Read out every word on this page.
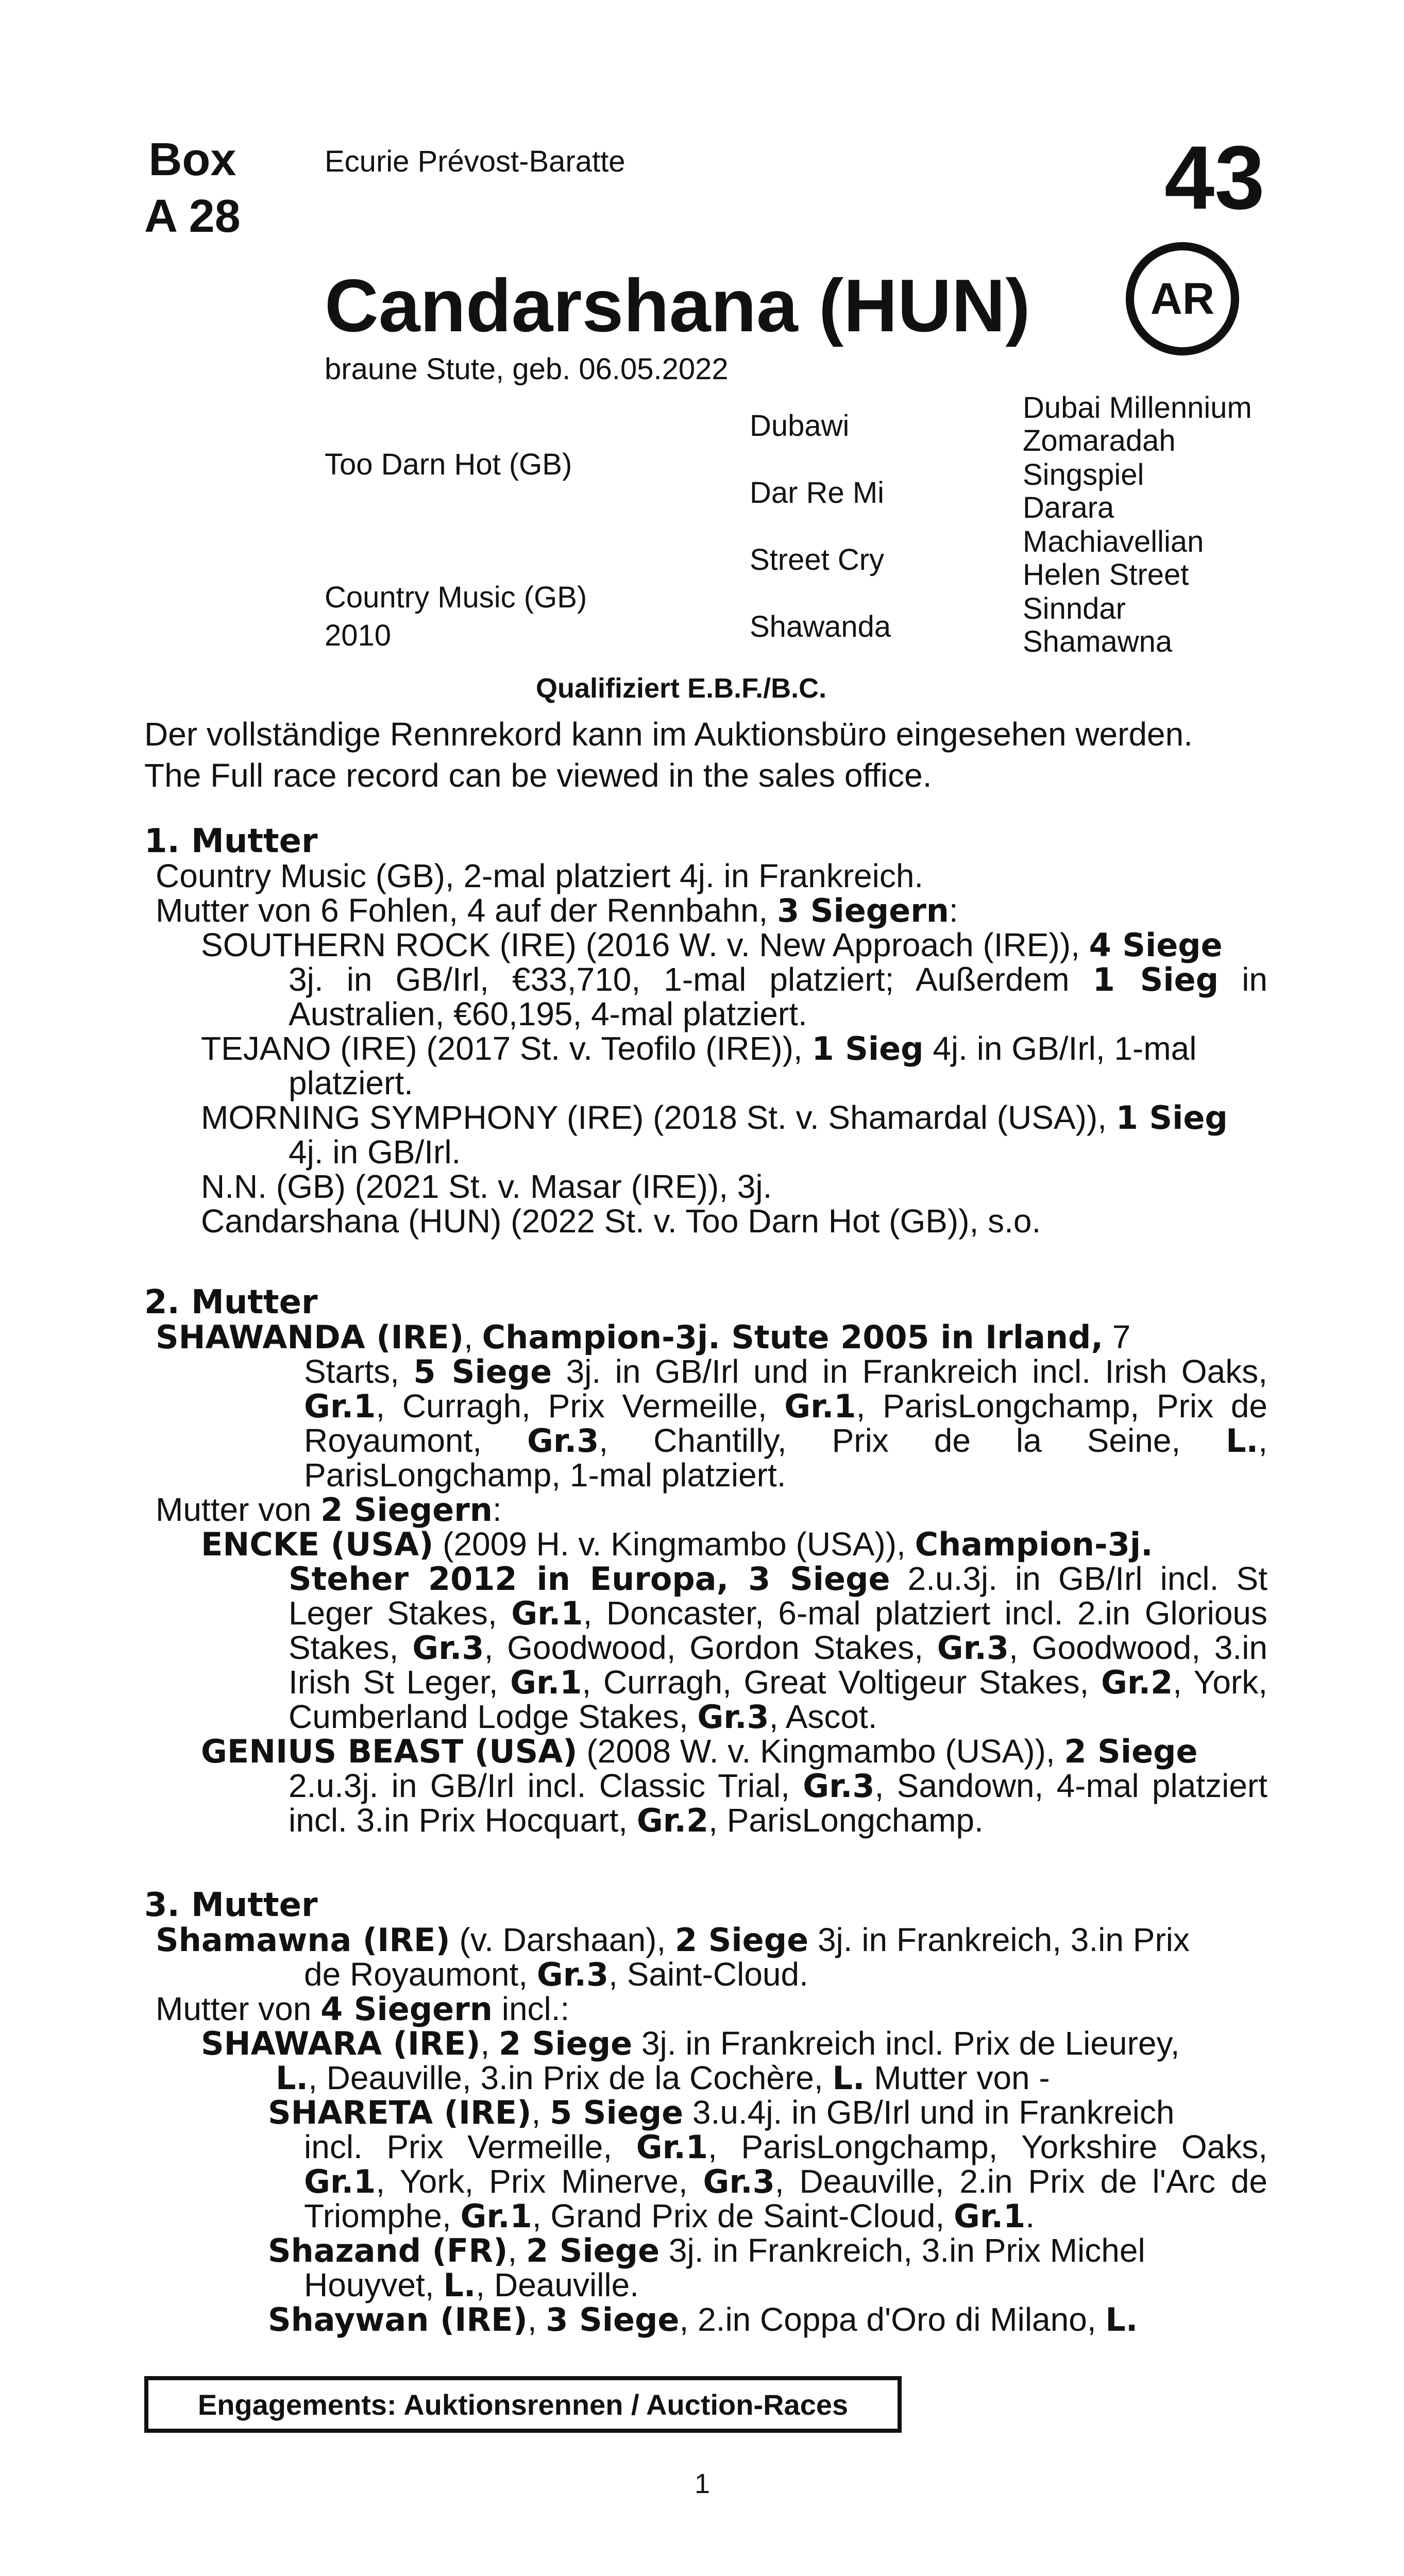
Box
A 28
Ecurie Prévost-Baratte	43
Candarshana (HUN)	AR
braune Stute, geb. 06.05.2022
Too Darn Hot (GB)
Country Music (GB)
2010
Dubawi
Dar Re Mi
Street Cry
Shawanda
Dubai Millennium
Zomaradah
Singspiel
Darara
Machiavellian
Helen Street
Sinndar
Shamawna
Qualifiziert E.B.F./B.C.
Der vollständige Rennrekord kann im Auktionsbüro eingesehen werden.
The Full race record can be viewed in the sales office.
1. Mutter
Country Music (GB), 2-mal platziert 4j. in Frankreich.
Mutter von 6 Fohlen, 4 auf der Rennbahn, 3 Siegern:
SOUTHERN ROCK (IRE) (2016 W. v. New Approach (IRE)), 4 Siege
3j. in GB/Irl, €33,710, 1-mal platziert; Außerdem 1 Sieg in Australien, €60,195, 4-mal platziert.
TEJANO (IRE) (2017 St. v. Teofilo (IRE)), 1 Sieg 4j. in GB/Irl, 1-mal
platziert.
MORNING SYMPHONY (IRE) (2018 St. v. Shamardal (USA)), 1 Sieg
4j. in GB/Irl.
N.N. (GB) (2021 St. v. Masar (IRE)), 3j.
Candarshana (HUN) (2022 St. v. Too Darn Hot (GB)), s.o.
2. Mutter
SHAWANDA (IRE), Champion-3j. Stute 2005 in Irland, 7
Starts, 5 Siege 3j. in GB/Irl und in Frankreich incl. Irish Oaks, Gr.1, Curragh, Prix Vermeille, Gr.1, ParisLongchamp, Prix de Royaumont, Gr.3, Chantilly, Prix de la Seine, L., ParisLongchamp, 1-mal platziert.
Mutter von 2 Siegern:
ENCKE (USA) (2009 H. v. Kingmambo (USA)), Champion-3j.
Steher 2012 in Europa, 3 Siege 2.u.3j. in GB/Irl incl. St Leger Stakes, Gr.1, Doncaster, 6-mal platziert incl. 2.in Glorious Stakes, Gr.3, Goodwood, Gordon Stakes, Gr.3, Goodwood, 3.in Irish St Leger, Gr.1, Curragh, Great Voltigeur Stakes, Gr.2, York, Cumberland Lodge Stakes, Gr.3, Ascot.
GENIUS BEAST (USA) (2008 W. v. Kingmambo (USA)), 2 Siege
2.u.3j. in GB/Irl incl. Classic Trial, Gr.3, Sandown, 4-mal platziert incl. 3.in Prix Hocquart, Gr.2, ParisLongchamp.
3. Mutter
Shamawna (IRE) (v. Darshaan), 2 Siege 3j. in Frankreich, 3.in Prix
de Royaumont, Gr.3, Saint-Cloud.
Mutter von 4 Siegern incl.:
SHAWARA (IRE), 2 Siege 3j. in Frankreich incl. Prix de Lieurey,
L., Deauville, 3.in Prix de la Cochère, L. Mutter von -
SHARETA (IRE), 5 Siege 3.u.4j. in GB/Irl und in Frankreich
incl. Prix Vermeille, Gr.1, ParisLongchamp, Yorkshire Oaks, Gr.1, York, Prix Minerve, Gr.3, Deauville, 2.in Prix de l'Arc de Triomphe, Gr.1, Grand Prix de Saint-Cloud, Gr.1.
Shazand (FR), 2 Siege 3j. in Frankreich, 3.in Prix Michel
Houyvet, L., Deauville.
Shaywan (IRE), 3 Siege, 2.in Coppa d'Oro di Milano, L.
Engagements: Auktionsrennen / Auction-Races
1
